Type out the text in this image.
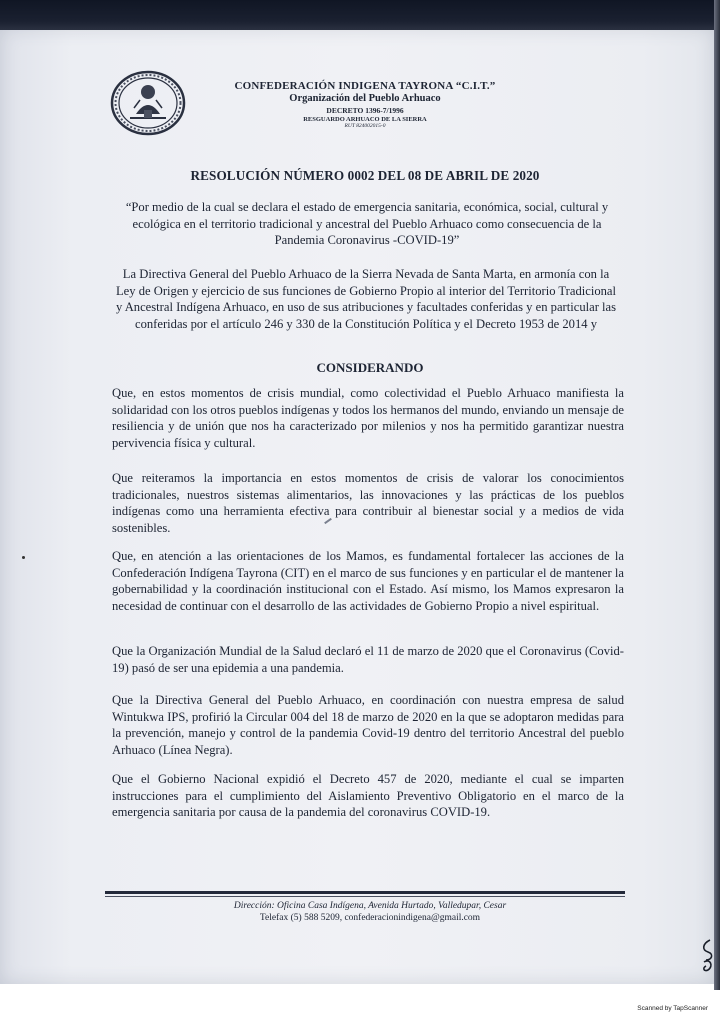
CONFEDERACIÓN INDIGENA TAYRONA “C.I.T.”
Organización del Pueblo Arhuaco
DECRETO 1396-7/1996
RESGUARDO ARHUACO DE LA SIERRA
RUT 824002015-0
RESOLUCIÓN NÚMERO 0002 DEL 08 DE ABRIL DE 2020
“Por medio de la cual se declara el estado de emergencia sanitaria, económica, social, cultural y ecológica en el territorio tradicional y ancestral del Pueblo Arhuaco como consecuencia de la Pandemia Coronavirus -COVID-19”
La Directiva General del Pueblo Arhuaco de la Sierra Nevada de Santa Marta, en armonía con la Ley de Origen y ejercicio de sus funciones de Gobierno Propio al interior del Territorio Tradicional y Ancestral Indígena Arhuaco, en uso de sus atribuciones y facultades conferidas y en particular las conferidas por el artículo 246 y 330 de la Constitución Política y el Decreto 1953 de 2014 y
CONSIDERANDO
Que, en estos momentos de crisis mundial, como colectividad el Pueblo Arhuaco manifiesta la solidaridad con los otros pueblos indígenas y todos los hermanos del mundo, enviando un mensaje de resiliencia y de unión que nos ha caracterizado por milenios y nos ha permitido garantizar nuestra pervivencia física y cultural.
Que reiteramos la importancia en estos momentos de crisis de valorar los conocimientos tradicionales, nuestros sistemas alimentarios, las innovaciones y las prácticas de los pueblos indígenas como una herramienta efectiva para contribuir al bienestar social y a medios de vida sostenibles.
Que, en atención a las orientaciones de los Mamos, es fundamental fortalecer las acciones de la Confederación Indígena Tayrona (CIT) en el marco de sus funciones y en particular el de mantener la gobernabilidad y la coordinación institucional con el Estado. Así mismo, los Mamos expresaron la necesidad de continuar con el desarrollo de las actividades de Gobierno Propio a nivel espiritual.
Que la Organización Mundial de la Salud declaró el 11 de marzo de 2020 que el Coronavirus (Covid-19) pasó de ser una epidemia a una pandemia.
Que la Directiva General del Pueblo Arhuaco, en coordinación con nuestra empresa de salud Wintukwa IPS, profirió la Circular 004 del 18 de marzo de 2020 en la que se adoptaron medidas para la prevención, manejo y control de la pandemia Covid-19 dentro del territorio Ancestral del pueblo Arhuaco (Línea Negra).
Que el Gobierno Nacional expidió el Decreto 457 de 2020, mediante el cual se imparten instrucciones para el cumplimiento del Aislamiento Preventivo Obligatorio en el marco de la emergencia sanitaria por causa de la pandemia del coronavirus COVID-19.
Dirección: Oficina Casa Indígena, Avenida Hurtado, Valledupar, Cesar
Telefax (5) 588 5209, confederacionindigena@gmail.com
Scanned by TapScanner
